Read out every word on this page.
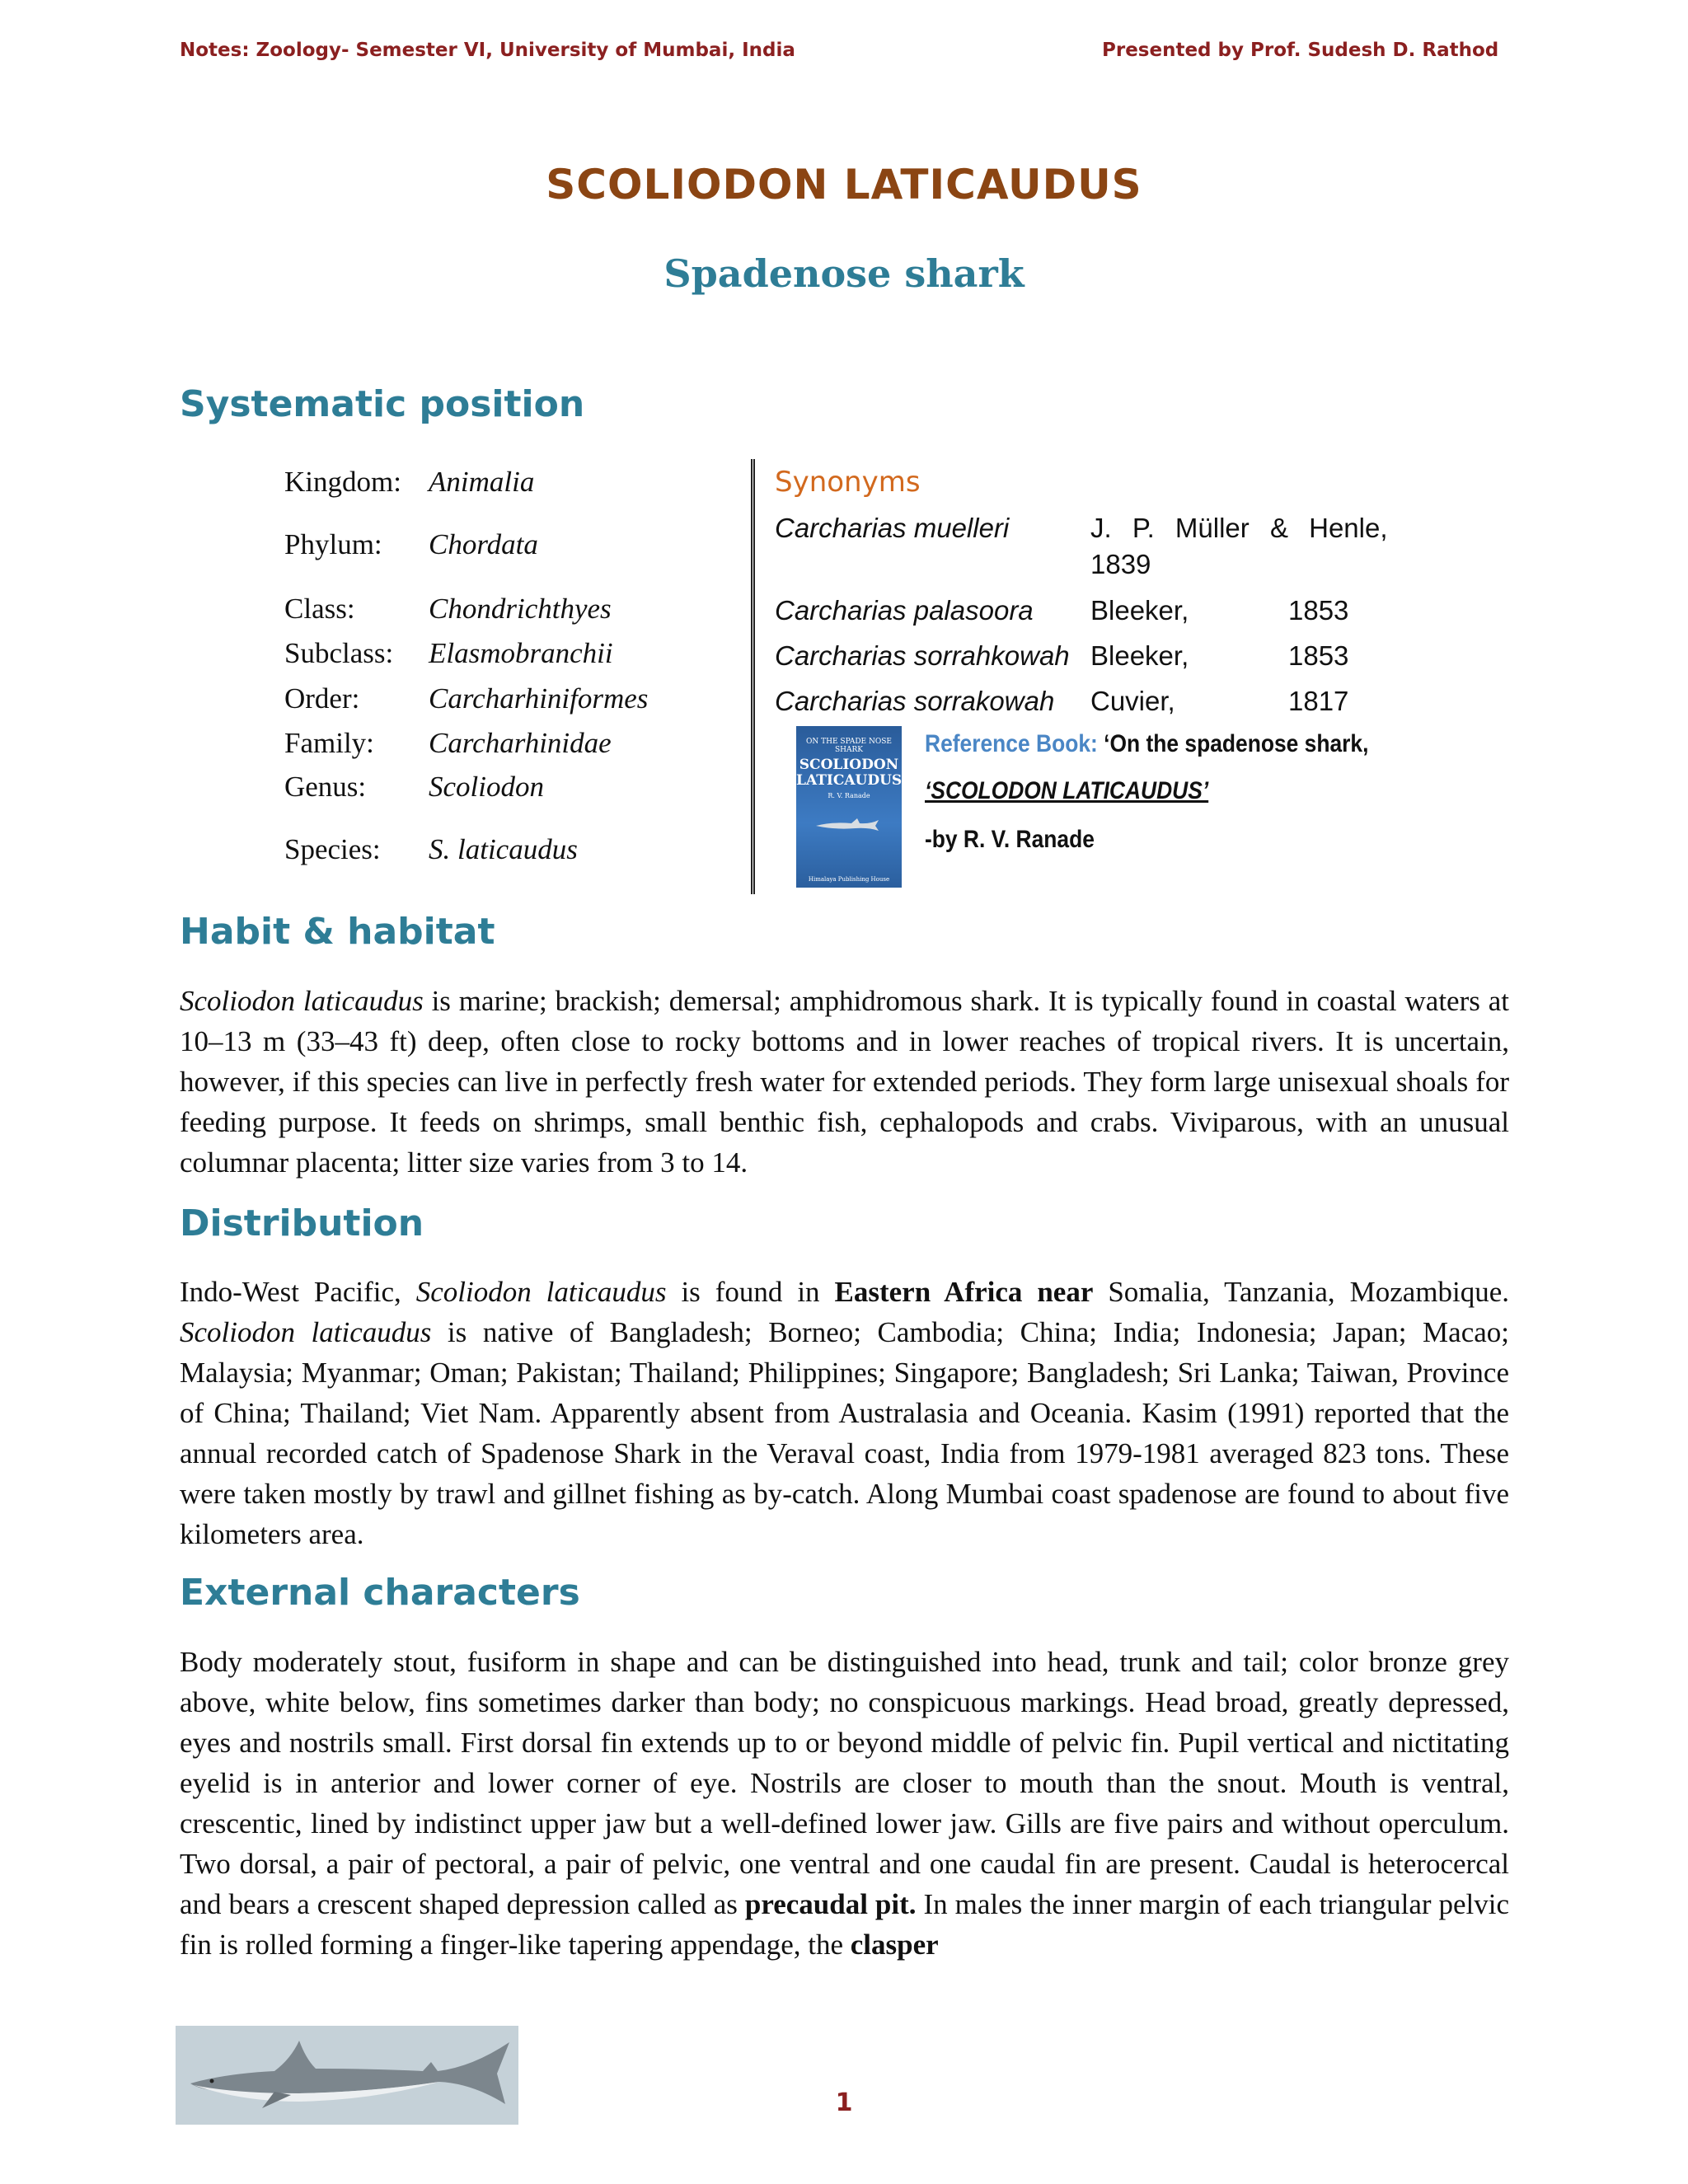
Notes: Zoology- Semester VI, University of Mumbai, India	Presented by Prof. Sudesh D. Rathod
SCOLIODON LATICAUDUS
Spadenose shark
Systematic position
Kingdom: Animalia
Phylum: Chordata
Class:	Chondrichthyes
Subclass: Elasmobranchii
Order: Carcharhiniformes
Family: Carcharhinidae
Genus: Scoliodon
Species: S. laticaudus
Synonyms
Carcharias muelleri	J. P. Müller & Henle,
1839
Carcharias palasoora Bleeker,	1853
Carcharias sorrahkowah Bleeker,	1853
Carcharias sorrakowah Cuvier,	1817
ON THE SPADE NOSE SHARK
SCOLIODON
LATICAUDUS
R. V. Ranade
Himalaya Publishing House
Reference Book: ‘On the spadenose shark,
‘SCOLODON LATICAUDUS’
-by R. V. Ranade
Habit & habitat
Scoliodon laticaudus is marine; brackish; demersal; amphidromous shark. It is typically found in coastal waters at 10–13 m (33–43 ft) deep, often close to rocky bottoms and in lower reaches of tropical rivers. It is uncertain, however, if this species can live in perfectly fresh water for extended periods. They form large unisexual shoals for feeding purpose. It feeds on shrimps, small benthic fish, cephalopods and crabs. Viviparous, with an unusual columnar placenta; litter size varies from 3 to 14.
Distribution
Indo-West Pacific, Scoliodon laticaudus is found in Eastern Africa near Somalia, Tanzania, Mozambique. Scoliodon laticaudus is native of Bangladesh; Borneo; Cambodia; China; India; Indonesia; Japan; Macao; Malaysia; Myanmar; Oman; Pakistan; Thailand; Philippines; Singapore; Bangladesh; Sri Lanka; Taiwan, Province of China; Thailand; Viet Nam. Apparently absent from Australasia and Oceania. Kasim (1991) reported that the annual recorded catch of Spadenose Shark in the Veraval coast, India from 1979-1981 averaged 823 tons. These were taken mostly by trawl and gillnet fishing as by-catch. Along Mumbai coast spadenose are found to about five kilometers area.
External characters
Body moderately stout, fusiform in shape and can be distinguished into head, trunk and tail; color bronze grey above, white below, fins sometimes darker than body; no conspicuous markings. Head broad, greatly depressed, eyes and nostrils small. First dorsal fin extends up to or beyond middle of pelvic fin. Pupil vertical and nictitating eyelid is in anterior and lower corner of eye. Nostrils are closer to mouth than the snout. Mouth is ventral, crescentic, lined by indistinct upper jaw but a well-defined lower jaw. Gills are five pairs and without operculum. Two dorsal, a pair of pectoral, a pair of pelvic, one ventral and one caudal fin are present. Caudal is heterocercal and bears a crescent shaped depression called as precaudal pit. In males the inner margin of each triangular pelvic fin is rolled forming a finger-like tapering appendage, the clasper
1
